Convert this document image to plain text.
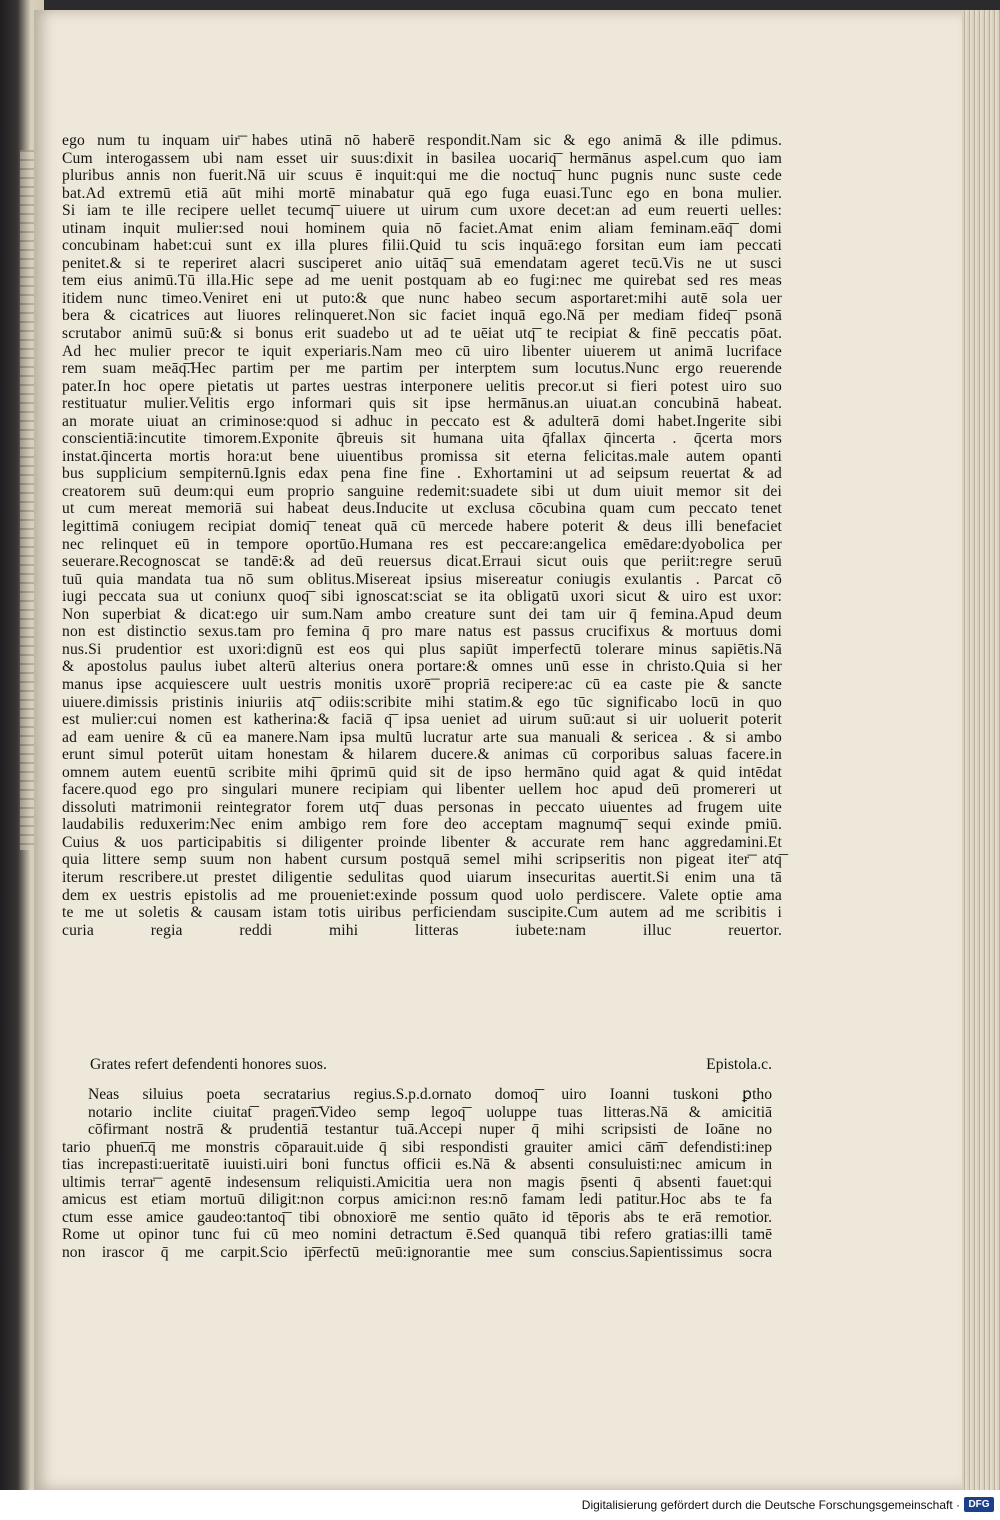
ego num tu inquam uir͞ habes utinā nō haberē respondit.Nam sic & ego animā & ille pdimus.
Cum interogassem ubi nam esset uir suus:dixit in basilea uocariq͞ hermānus aspel.cum quo iam
pluribus annis non fuerit.Nā uir scuus ē inquit:qui me die noctuq͞ hunc pugnis nunc suste cede
bat.Ad extremū etiā aūt mihi mortē minabatur quā ego fuga euasi.Tunc ego en bona mulier.
Si iam te ille recipere uellet tecumq͞ uiuere ut uirum cum uxore decet:an ad eum reuerti uelles:
utinam inquit mulier:sed noui hominem quia nō faciet.Amat enim aliam feminam.eāq͞ domi
concubinam habet:cui sunt ex illa plures filii.Quid tu scis inquā:ego forsitan eum iam peccati
penitet.& si te reperiret alacri susciperet anio uitāq͞ suā emendatam ageret tecū.Vis ne ut susci
tem eius animū.Tū illa.Hic sepe ad me uenit postquam ab eo fugi:nec me quirebat sed res meas
itidem nunc timeo.Veniret eni ut puto:& que nunc habeo secum asportaret:mihi autē sola uer
bera & cicatrices aut liuores relinqueret.Non sic faciet inquā ego.Nā per mediam fideq͞ psonā
scrutabor animū suū:& si bonus erit suadebo ut ad te uēiat utq͞ te recipiat & finē peccatis pōat.
Ad hec mulier precor te iquit experiaris.Nam meo cū uiro libenter uiuerem ut animā lucriface
rem suam meāq͞.Hec partim per me partim per interptem sum locutus.Nunc ergo reuerende
pater.In hoc opere pietatis ut partes uestras interponere uelitis precor.ut si fieri potest uiro suo
restituatur mulier.Velitis ergo informari quis sit ipse hermānus.an uiuat.an concubinā habeat.
an morate uiuat an criminose:quod si adhuc in peccato est & adulterā domi habet.Ingerite sibi
conscientiā:incutite timorem.Exponite q̄breuis sit humana uita q̄fallax q̄incerta . q̄certa mors
instat.q̄incerta mortis hora:ut bene uiuentibus promissa sit eterna felicitas.male autem opanti
bus supplicium sempiternū.Ignis edax pena fine fine . Exhortamini ut ad seipsum reuertat & ad
creatorem suū deum:qui eum proprio sanguine redemit:suadete sibi ut dum uiuit memor sit dei
ut cum mereat memoriā sui habeat deus.Inducite ut exclusa cōcubina quam cum peccato tenet
legittimā coniugem recipiat domiq͞ teneat quā cū mercede habere poterit & deus illi benefaciet
nec relinquet eū in tempore oportūo.Humana res est peccare:angelica emēdare:dyobolica per
seuerare.Recognoscat se tandē:& ad deū reuersus dicat.Erraui sicut ouis que periit:regre seruū
tuū quia mandata tua nō sum oblitus.Misereat ipsius misereatur coniugis exulantis . Parcat cō
iugi peccata sua ut coniunx quoq͞ sibi ignoscat:sciat se ita obligatū uxori sicut & uiro est uxor:
Non superbiat & dicat:ego uir sum.Nam ambo creature sunt dei tam uir q̄ femina.Apud deum
non est distinctio sexus.tam pro femina q̄ pro mare natus est passus crucifixus & mortuus domi
nus.Si prudentior est uxori:dignū est eos qui plus sapiūt imperfectū tolerare minus sapiētis.Nā
& apostolus paulus iubet alterū alterius onera portare:& omnes unū esse in christo.Quia si her
manus ipse acquiescere uult uestris monitis uxorē͞ propriā recipere:ac cū ea caste pie & sancte
uiuere.dimissis pristinis iniuriis atq͞ odiis:scribite mihi statim.& ego tūc significabo locū in quo
est mulier:cui nomen est katherina:& faciā q͞ ipsa ueniet ad uirum suū:aut si uir uoluerit poterit
ad eam uenire & cū ea manere.Nam ipsa multū lucratur arte sua manuali & sericea . & si ambo
erunt simul poterūt uitam honestam & hilarem ducere.& animas cū corporibus saluas facere.in
omnem autem euentū scribite mihi q̄primū quid sit de ipso hermāno quid agat & quid intēdat
facere.quod ego pro singulari munere recipiam qui libenter uellem hoc apud deū promereri ut
dissoluti matrimonii reintegrator forem utq͞ duas personas in peccato uiuentes ad frugem uite
laudabilis reduxerim:Nec enim ambigo rem fore deo acceptam magnumq͞ sequi exinde pmiū.
Cuius & uos participabitis si diligenter proinde libenter & accurate rem hanc aggredamini.Et
quia littere semp suum non habent cursum postquā semel mihi scripseritis non pigeat iter͞ atq͞
iterum rescribere.ut prestet diligentie sedulitas quod uiarum insecuritas auertit.Si enim una tā
dem ex uestris epistolis ad me proueniet:exinde possum quod uolo perdiscere. Valete optie ama
te me ut soletis & causam istam totis uiribus perficiendam suscipite.Cum autem ad me scribitis i
curia regia reddi mihi litteras iubete:nam illuc reuertor.
Grates refert defendenti honores suos.	Epistola.c.
Neas siluius poeta secratarius regius.S.p.d.ornato domoq͞ uiro Ioanni tuskoni ꝑtho
notario inclite ciuitat͞ pragen͞.Video semp legoq͞ uoluppe tuas litteras.Nā & amicitiā
cōfirmant nostrā & prudentiā testantur tuā.Accepi nuper q̄ mihi scripsisti de Ioāne no
tario phuen͞.q̄ me monstris cōparauit.uide q̄ sibi respondisti grauiter amici cām͞ defendisti:inep
tias increpasti:ueritatē iuuisti.uiri boni functus officii es.Nā & absenti consuluisti:nec amicum in
ultimis terrar͞ agentē indesensum reliquisti.Amicitia uera non magis p̄senti q̄ absenti fauet:qui
amicus est etiam mortuū diligit:non corpus amici:non res:nō famam ledi patitur.Hoc abs te fa
ctum esse amice gaudeo:tantoq͞ tibi obnoxiorē me sentio quāto id tēporis abs te erā remotior.
Rome ut opinor tunc fui cū meo nomini detractum ē.Sed quanquā tibi refero gratias:illi tamē
non irascor q̄ me carpit.Scio ip͞erfectū meū:ignorantie mee sum conscius.Sapientissimus socra
Digitalisierung gefördert durch die Deutsche Forschungsgemeinschaft · DFG
